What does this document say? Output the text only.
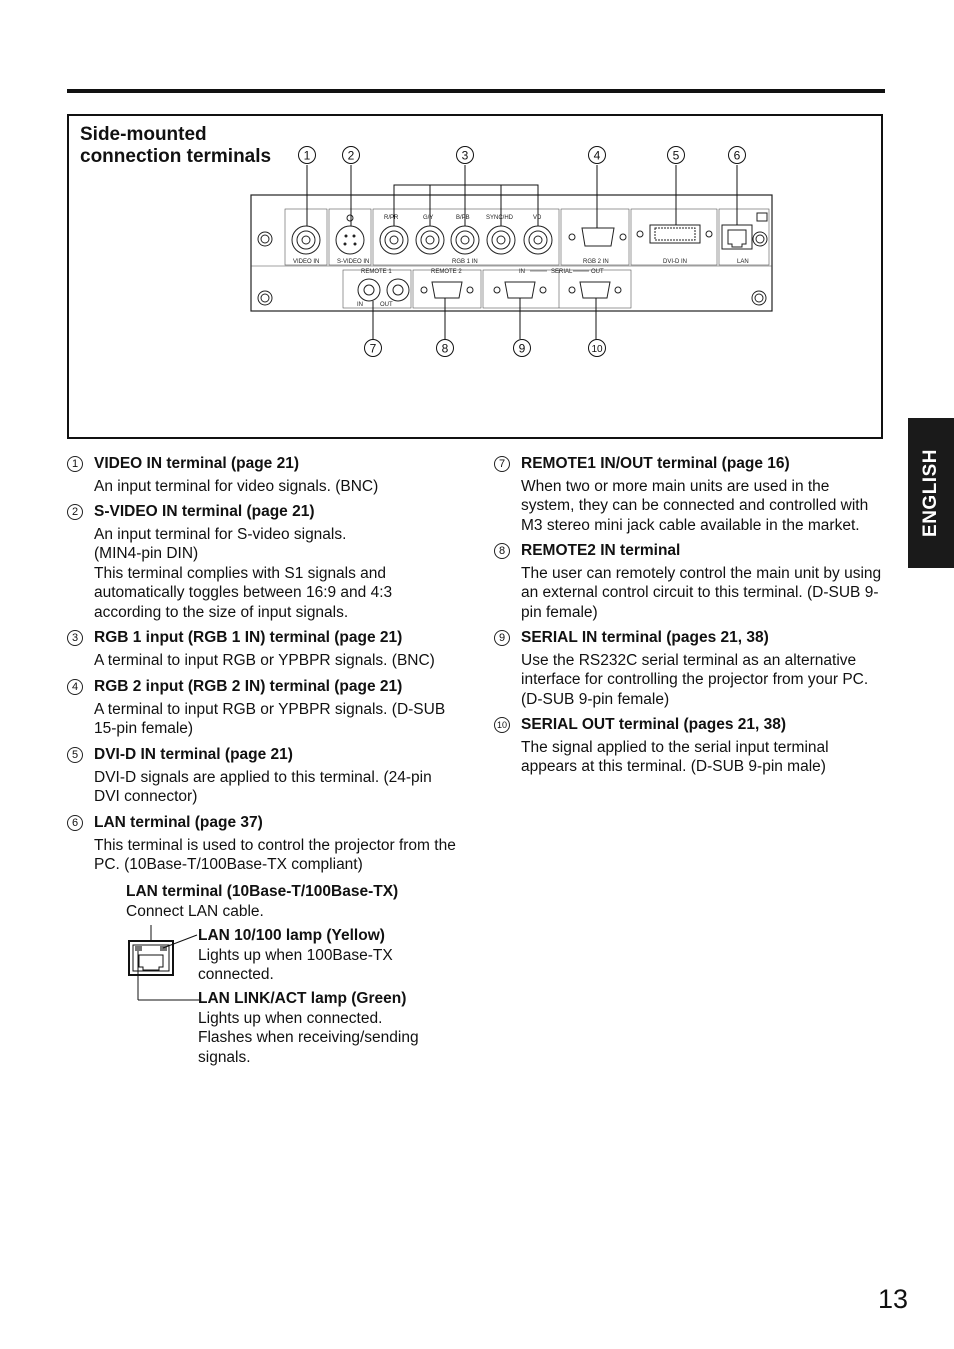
Side-mounted
connection terminals
VIDEO IN	S-VIDEO IN	RGB 1 IN	RGB 2 IN	DVI-D IN	LAN
R/PR	G/Y	B/PB	SYNC/HD	VD
REMOTE 1	REMOTE 2	IN	SERIAL	OUT
IN	OUT
1	2	3	4	5	6
7	8	9	10
ENGLISH
1	VIDEO IN terminal (page 21)
An input terminal for video signals. (BNC)
2	S-VIDEO IN terminal (page 21)
An input terminal for S-video signals.
(MIN4-pin DIN)
This terminal complies with S1 signals and automatically toggles between 16:9 and 4:3 according to the size of input signals.
3	RGB 1 input (RGB 1 IN) terminal (page 21)
A terminal to input RGB or YPBPR signals. (BNC)
4	RGB 2 input (RGB 2 IN) terminal (page 21)
A terminal to input RGB or YPBPR signals. (D-SUB 15-pin female)
5	DVI-D IN terminal (page 21)
DVI-D signals are applied to this terminal. (24-pin DVI connector)
6	LAN terminal (page 37)
This terminal is used to control the projector from the PC. (10Base-T/100Base-TX compliant)
7	REMOTE1 IN/OUT terminal (page 16)
When two or more main units are used in the system, they can be connected and controlled with M3 stereo mini jack cable available in the market.
8	REMOTE2 IN terminal
The user can remotely control the main unit by using an external control circuit to this terminal. (D-SUB 9-pin female)
9	SERIAL IN terminal (pages 21, 38)
Use the RS232C serial terminal as an alternative interface for controlling the projector from your PC. (D-SUB 9-pin female)
10 SERIAL OUT terminal (pages 21, 38)
The signal applied to the serial input terminal appears at this terminal. (D-SUB 9-pin male)
LAN terminal (10Base-T/100Base-TX)
Connect LAN cable.
LAN 10/100 lamp (Yellow)
Lights up when 100Base-TX connected.
LAN LINK/ACT lamp (Green)
Lights up when connected.
Flashes when receiving/sending signals.
13
